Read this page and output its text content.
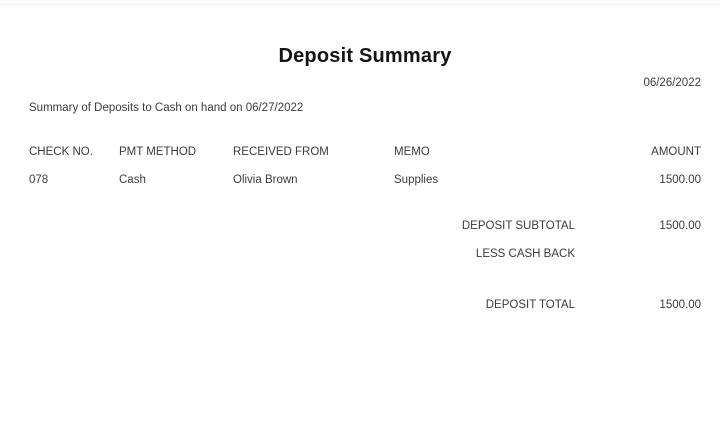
Deposit Summary
06/26/2022
Summary of Deposits to Cash on hand on 06/27/2022
CHECK NO.	PMT METHOD	RECEIVED FROM	MEMO	AMOUNT
078	Cash	Olivia Brown	Supplies	1500.00
DEPOSIT SUBTOTAL	1500.00
LESS CASH BACK
DEPOSIT TOTAL	1500.00
